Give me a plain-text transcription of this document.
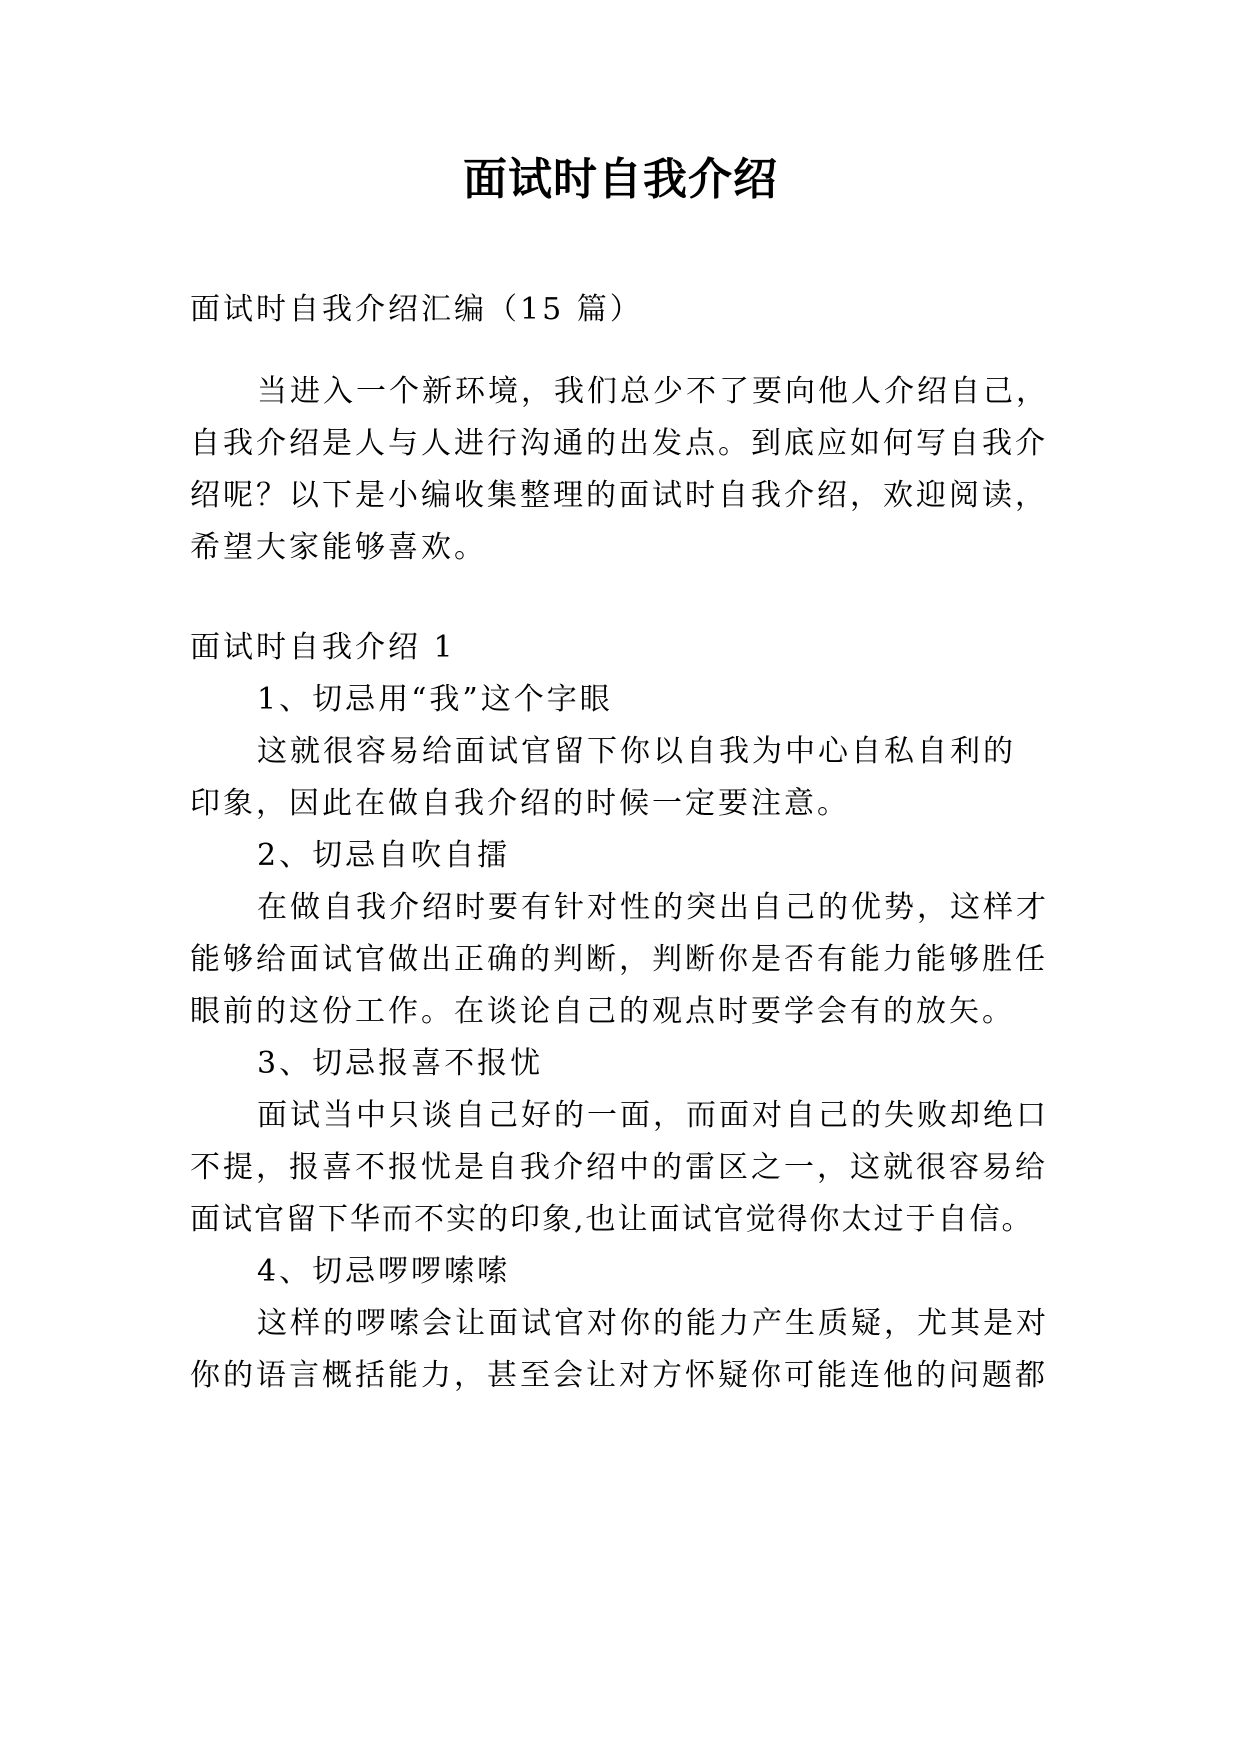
面试时自我介绍
面试时自我介绍汇编（15 篇）
当进入一个新环境，我们总少不了要向他人介绍自己，
自我介绍是人与人进行沟通的出发点。到底应如何写自我介
绍呢？以下是小编收集整理的面试时自我介绍，欢迎阅读，
希望大家能够喜欢。
面试时自我介绍 1
1、切忌用“我”这个字眼
这就很容易给面试官留下你以自我为中心自私自利的
印象，因此在做自我介绍的时候一定要注意。
2、切忌自吹自擂
在做自我介绍时要有针对性的突出自己的优势，这样才
能够给面试官做出正确的判断，判断你是否有能力能够胜任
眼前的这份工作。在谈论自己的观点时要学会有的放矢。
3、切忌报喜不报忧
面试当中只谈自己好的一面，而面对自己的失败却绝口
不提，报喜不报忧是自我介绍中的雷区之一，这就很容易给
面试官留下华而不实的印象,也让面试官觉得你太过于自信。
4、切忌啰啰嗦嗦
这样的啰嗦会让面试官对你的能力产生质疑，尤其是对
你的语言概括能力，甚至会让对方怀疑你可能连他的问题都
